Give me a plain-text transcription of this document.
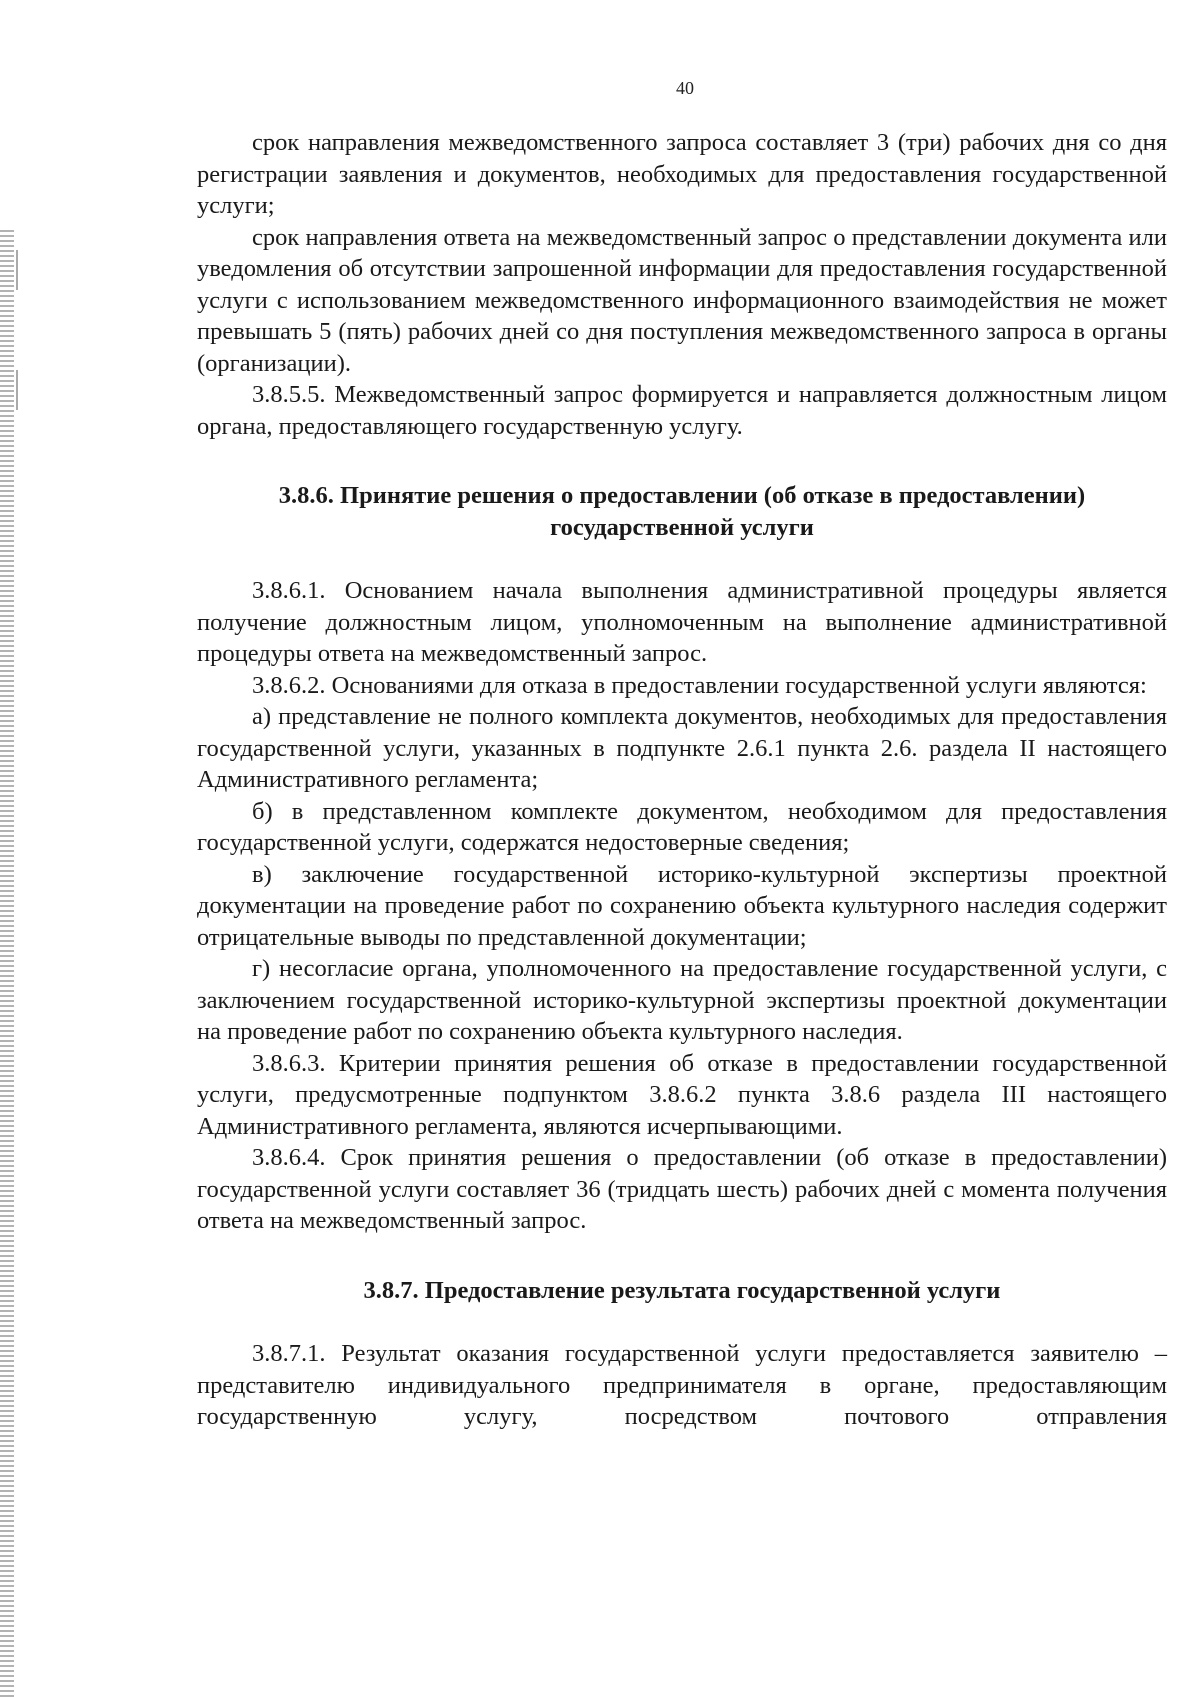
40

срок направления межведомственного запроса составляет 3 (три) рабочих дня со дня регистрации заявления и документов, необходимых для предоставления государственной услуги;

срок направления ответа на межведомственный запрос о представлении документа или уведомления об отсутствии запрошенной информации для предоставления государственной услуги с использованием межведомственного информационного взаимодействия не может превышать 5 (пять) рабочих дней со дня поступления межведомственного запроса в органы (организации).

3.8.5.5. Межведомственный запрос формируется и направляется должностным лицом органа, предоставляющего государственную услугу.

3.8.6. Принятие решения о предоставлении (об отказе в предоставлении) государственной услуги

3.8.6.1. Основанием начала выполнения административной процедуры является получение должностным лицом, уполномоченным на выполнение административной процедуры ответа на межведомственный запрос.

3.8.6.2. Основаниями для отказа в предоставлении государственной услуги являются:

а) представление не полного комплекта документов, необходимых для предоставления государственной услуги, указанных в подпункте 2.6.1 пункта 2.6. раздела II настоящего Административного регламента;

б) в представленном комплекте документом, необходимом для предоставления государственной услуги, содержатся недостоверные сведения;

в) заключение государственной историко-культурной экспертизы проектной документации на проведение работ по сохранению объекта культурного наследия содержит отрицательные выводы по представленной документации;

г) несогласие органа, уполномоченного на предоставление государственной услуги, с заключением государственной историко-культурной экспертизы проектной документации на проведение работ по сохранению объекта культурного наследия.

3.8.6.3. Критерии принятия решения об отказе в предоставлении государственной услуги, предусмотренные подпунктом 3.8.6.2 пункта 3.8.6 раздела III настоящего Административного регламента, являются исчерпывающими.

3.8.6.4. Срок принятия решения о предоставлении (об отказе в предоставлении) государственной услуги составляет 36 (тридцать шесть) рабочих дней с момента получения ответа на межведомственный запрос.

3.8.7. Предоставление результата государственной услуги

3.8.7.1. Результат оказания государственной услуги предоставляется заявителю – представителю индивидуального предпринимателя в органе, предоставляющим государственную услугу, посредством почтового отправления
